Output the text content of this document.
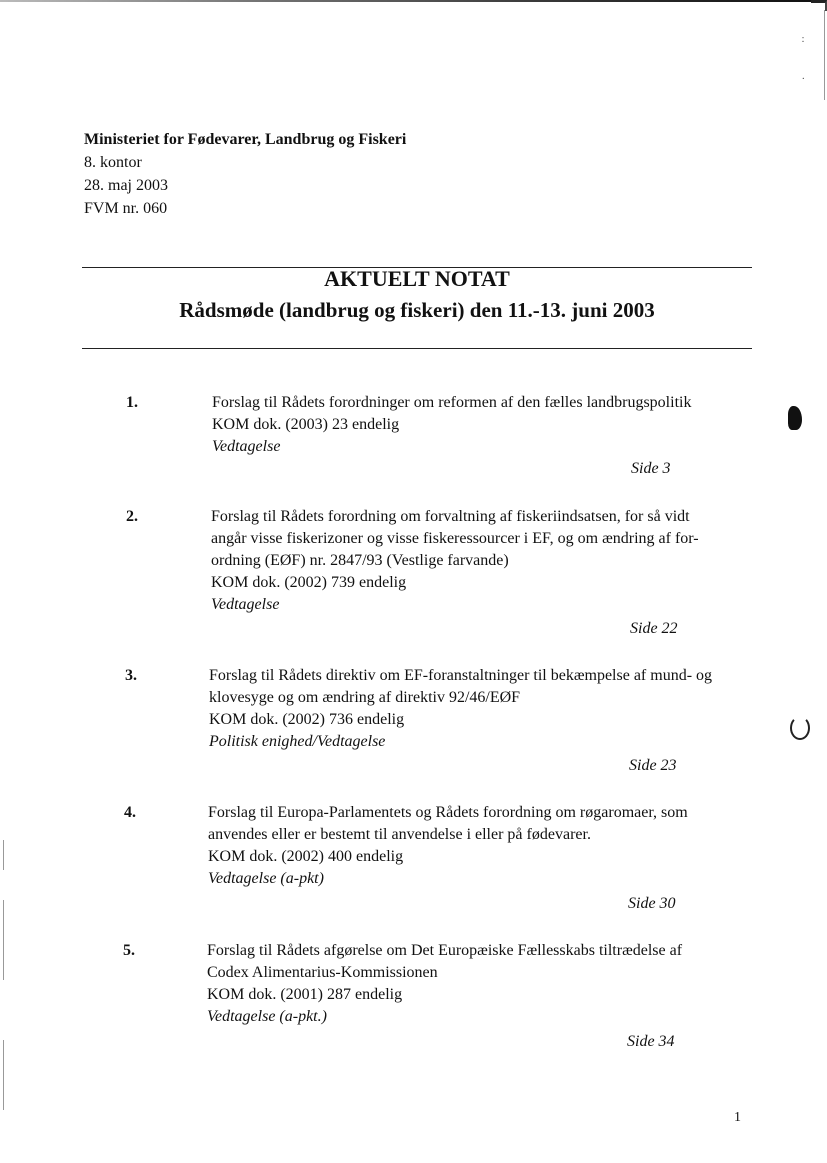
:

·
Ministeriet for Fødevarer, Landbrug og Fiskeri
8. kontor
28. maj 2003
FVM nr. 060
AKTUELT NOTAT
Rådsmøde (landbrug og fiskeri) den 11.-13. juni 2003
1.	Forslag til Rådets forordninger om reformen af den fælles landbrugspolitik
KOM dok. (2003) 23 endelig
Vedtagelse
Side 3
2.	Forslag til Rådets forordning om forvaltning af fiskeriindsatsen, for så vidt
angår visse fiskerizoner og visse fiskeressourcer i EF, og om ændring af for-
ordning (EØF) nr. 2847/93 (Vestlige farvande)
KOM dok. (2002) 739 endelig
Vedtagelse
Side 22
3.	Forslag til Rådets direktiv om EF-foranstaltninger til bekæmpelse af mund- og
klovesyge og om ændring af direktiv 92/46/EØF
KOM dok. (2002) 736 endelig
Politisk enighed/Vedtagelse
Side 23
4.	Forslag til Europa-Parlamentets og Rådets forordning om røgaromaer, som
anvendes eller er bestemt til anvendelse i eller på fødevarer.
KOM dok. (2002) 400 endelig
Vedtagelse (a-pkt)
Side 30
5.	Forslag til Rådets afgørelse om Det Europæiske Fællesskabs tiltrædelse af
Codex Alimentarius-Kommissionen
KOM dok. (2001) 287 endelig
Vedtagelse (a-pkt.)
Side 34
1
